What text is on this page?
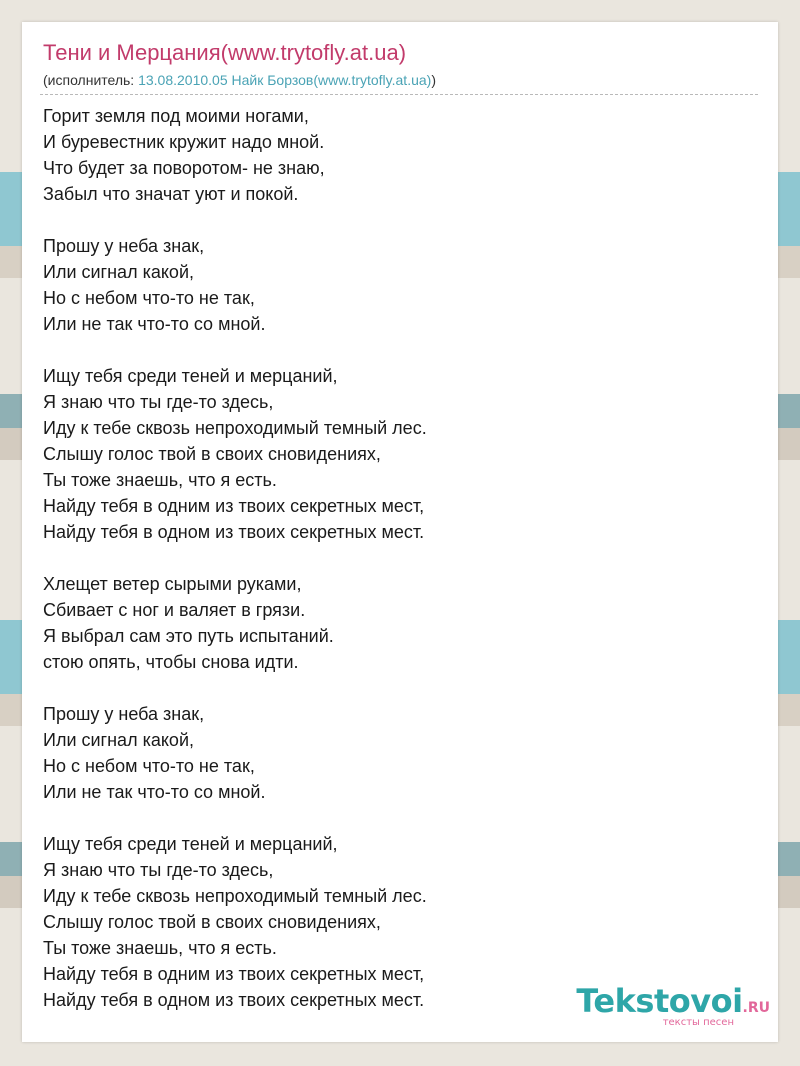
Тени и Мерцания(www.trytofly.at.ua)
(исполнитель: 13.08.2010.05 Найк Борзов(www.trytofly.at.ua))
Горит земля под моими ногами,
И буревестник кружит надо мной.
Что будет за поворотом- не знаю,
Забыл что значат уют и покой.
Прошу у неба знак,
Или сигнал какой,
Но с небом что-то не так,
Или не так что-то со мной.
Ищу тебя среди теней и мерцаний,
Я знаю что ты где-то здесь,
Иду к тебе сквозь непроходимый темный лес.
Слышу голос твой в своих сновидениях,
Ты тоже знаешь, что я есть.
Найду тебя в одним из твоих секретных мест,
Найду тебя в одном из твоих секретных мест.
Хлещет ветер сырыми руками,
Сбивает с ног и валяет в грязи.
Я выбрал сам это путь испытаний.
стою опять, чтобы снова идти.
Прошу у неба знак,
Или сигнал какой,
Но с небом что-то не так,
Или не так что-то со мной.
Ищу тебя среди теней и мерцаний,
Я знаю что ты где-то здесь,
Иду к тебе сквозь непроходимый темный лес.
Слышу голос твой в своих сновидениях,
Ты тоже знаешь, что я есть.
Найду тебя в одним из твоих секретных мест,
Найду тебя в одном из твоих секретных мест.	Tekstovoi.RU
тексты песен
